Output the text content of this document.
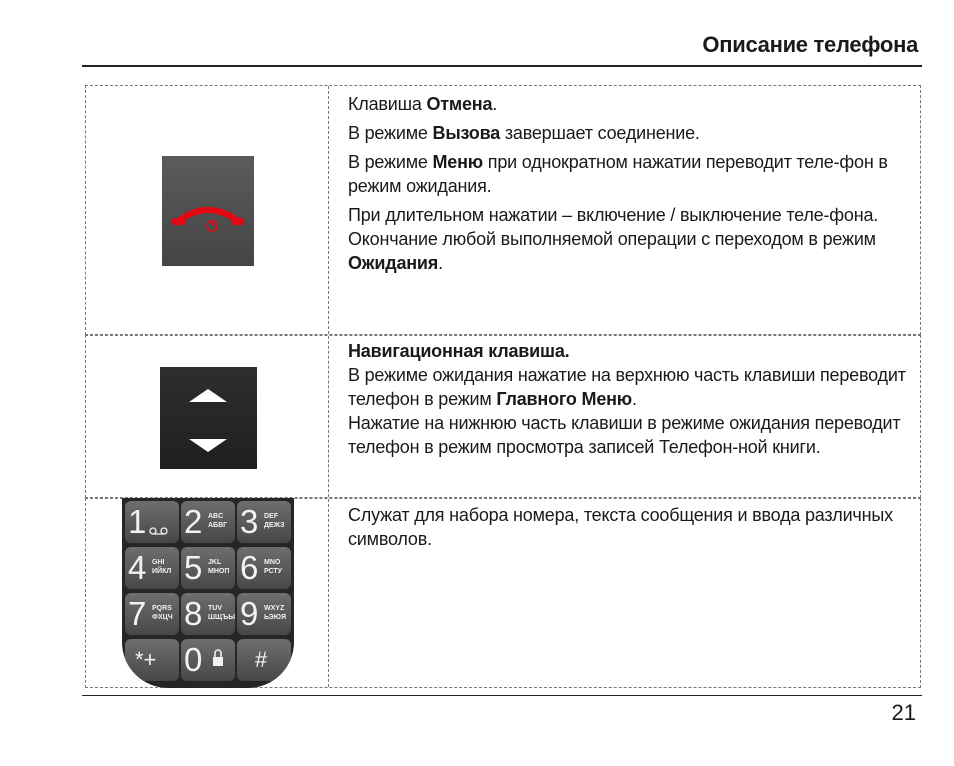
Описание телефона

Клавиша Отмена.

В режиме Вызова завершает соединение.

В режиме Меню при однократном нажатии переводит теле-фон в режим ожидания.

При длительном нажатии – включение / выключение теле-фона.

Окончание любой выполняемой операции с переходом в режим Ожидания.

Навигационная клавиша.

В режиме ожидания нажатие на верхнюю часть клавиши переводит телефон в режим Главного Меню.

Нажатие на нижнюю часть клавиши в режиме ожидания переводит телефон в режим просмотра записей Телефон-ной книги.

1 2 ABC
АБВГ 3 DEF
ДЕЖЗ
4 GHI
ИЙКЛ 5 JKL
МНОП 6 MNO
РСТУ
7 PQRS
ФХЦЧ 8 TUV
ШЩЪЫ 9 WXYZ
ЬЭЮЯ
*+ 0 #

Служат для набора номера, текста сообщения и ввода различных символов.

21
